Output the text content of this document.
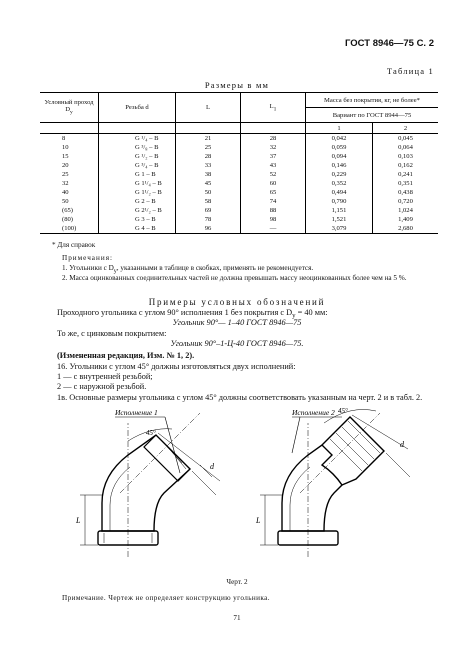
ГОСТ 8946—75 С. 2
Таблица 1
Размеры в мм
Условный проход $D_у$	Резьба d	L	$L_1$	Масса без покрытия, кг, не более*	
				Вариант по ГОСТ 8944—75	
				1	2
8	G ¹/₄ – B	21	28	0,042	0,045
10	G ³/₈ – B	25	32	0,059	0,064
15	G ¹/₂ – B	28	37	0,094	0,103
20	G ³/₄ – B	33	43	0,146	0,162
25	G 1 – B	38	52	0,229	0,241
32	G 1¹/₄ – B	45	60	0,352	0,351
40	G 1¹/₂ – B	50	65	0,494	0,438
50	G 2 – B	58	74	0,790	0,720
(65)	G 2¹/₂ – B	69	88	1,151	1,024
(80)	G 3 – B	78	98	1,521	1,409
(100)	G 4 – B	96	—	3,079	2,680
* Для справок
Примечания:
1. Угольники с $D_у$, указанными в таблице в скобках, применять не рекомендуется.
2. Масса оцинкованных соединительных частей не должна превышать массу неоцинкованных более чем на 5 %.
Примеры условных обозначений
Проходного угольника с углом 90° исполнения 1 без покрытия с $D_у = 40$ мм:
Угольник 90°— 1–40 ГОСТ 8946—75
То же, с цинковым покрытием:
Угольник 90°–1-Ц-40 ГОСТ 8946—75.
(Измененная редакция, Изм. № 1, 2).
16. Угольники с углом 45° должны изготовляться двух исполнений:
1 — с внутренней резьбой;
2 — с наружной резьбой.
1в. Основные размеры угольника с углом 45° должны соответствовать указанным на черт. 2 и в табл. 2.
Исполнение 1	Исполнение 2
45°
d
L
45°
d
L
Черт. 2
Примечание. Чертеж не определяет конструкцию угольника.
71
